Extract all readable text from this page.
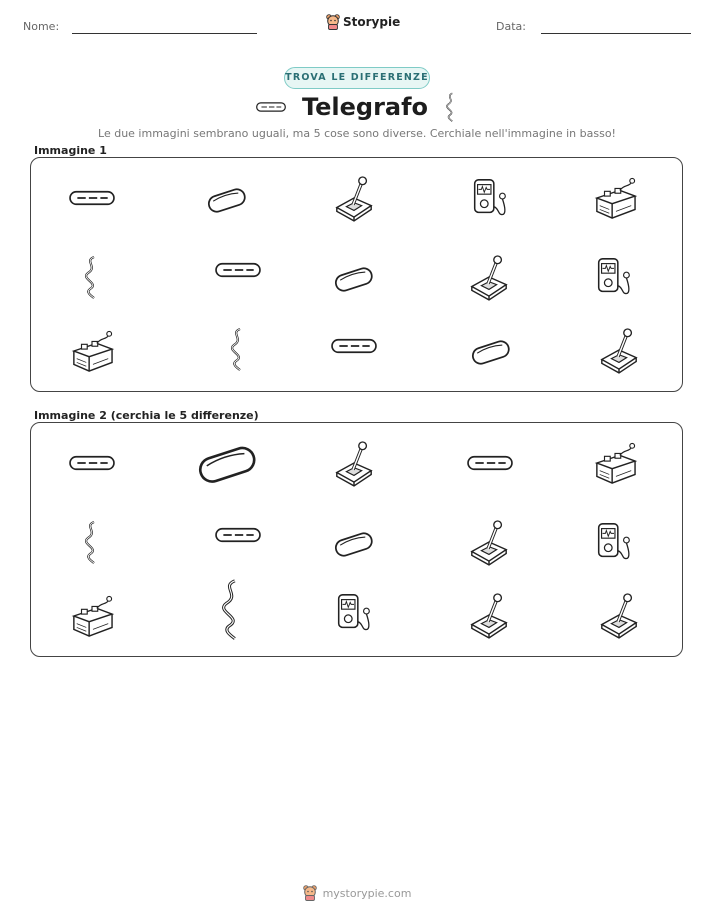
Nome:	Storypie	Data:
TROVA LE DIFFERENZE
Telegrafo
Le due immagini sembrano uguali, ma 5 cose sono diverse. Cerchiale nell'immagine in basso!
Immagine 1
Immagine 2 (cerchia le 5 differenze)
mystorypie.com
